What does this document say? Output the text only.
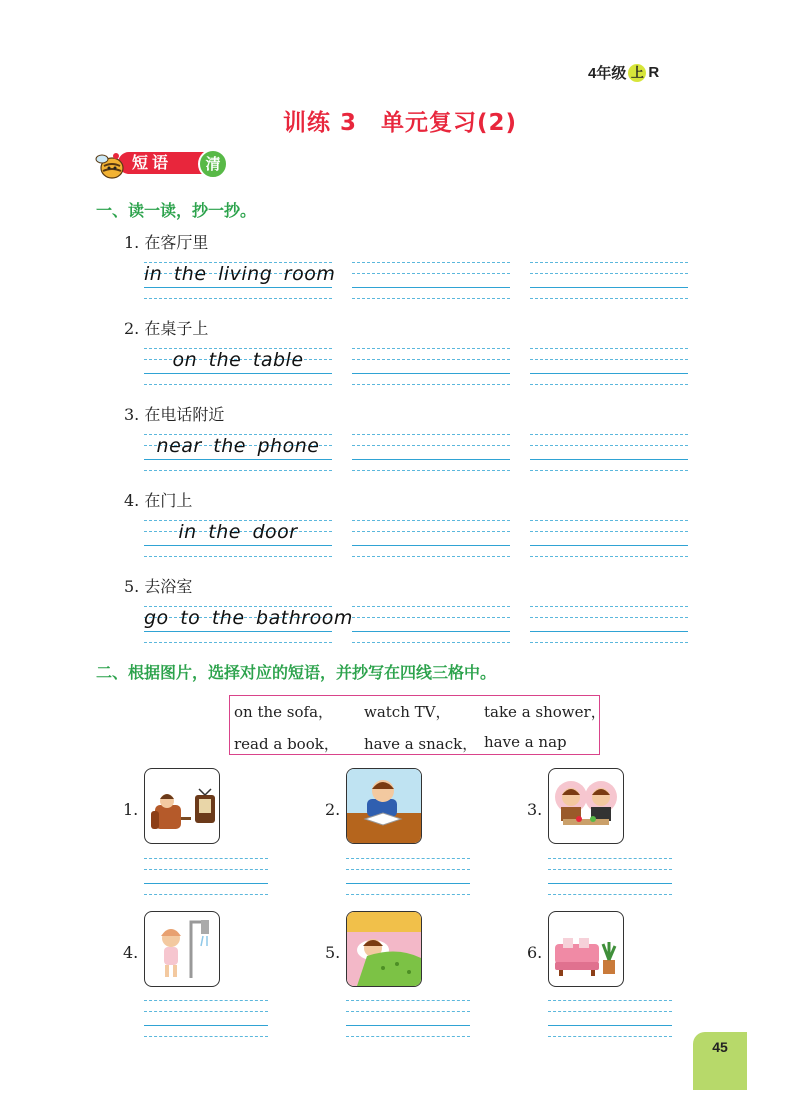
4年级 上 R
训练 3　单元复习(2)
短语	清
一、读一读，抄一抄。
1. 在客厅里
in the living room
2. 在桌子上
on the table
3. 在电话附近
near the phone
4. 在门上
in the door
5. 去浴室
go to the bathroom
二、根据图片，选择对应的短语，并抄写在四线三格中。
on the sofa， watch TV， take a shower，
read a book， have a snack， have a nap
1.	2.	3.
4.	5.	6.
45
